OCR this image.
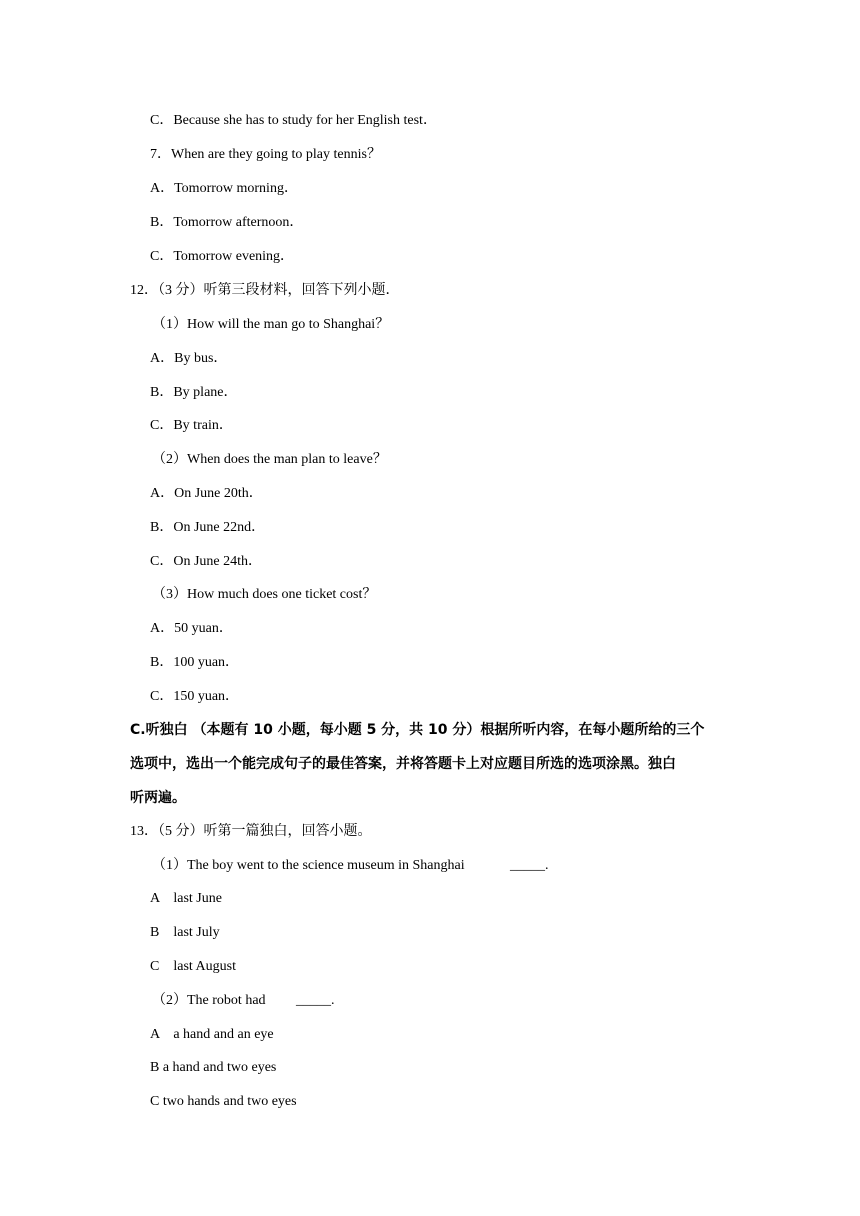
C．Because she has to study for her English test．
7．When are they going to play tennis？
A．Tomorrow morning．
B．Tomorrow afternoon．
C．Tomorrow evening．
12．（3 分）听第三段材料，回答下列小题．
（1）How will the man go to Shanghai？
A．By bus．
B．By plane．
C．By train．
（2）When does the man plan to leave？
A．On June 20th．
B．On June 22nd．
C．On June 24th．
（3）How much does one ticket cost？
A．50 yuan．
B．100 yuan．
C．150 yuan．
C.听独白 （本题有 10 小题，每小题 5 分，共 10 分）根据所听内容，在每小题所给的三个
选项中，选出一个能完成句子的最佳答案，并将答题卡上对应题目所选的选项涂黑。独白
听两遍。
13．（5 分）听第一篇独白，回答小题。
（1）The boy went to the science museum in Shanghai	_____.
A    last June
B    last July
C    last August
（2）The robot had _____.
A    a hand and an eye
B a hand and two eyes
C two hands and two eyes
